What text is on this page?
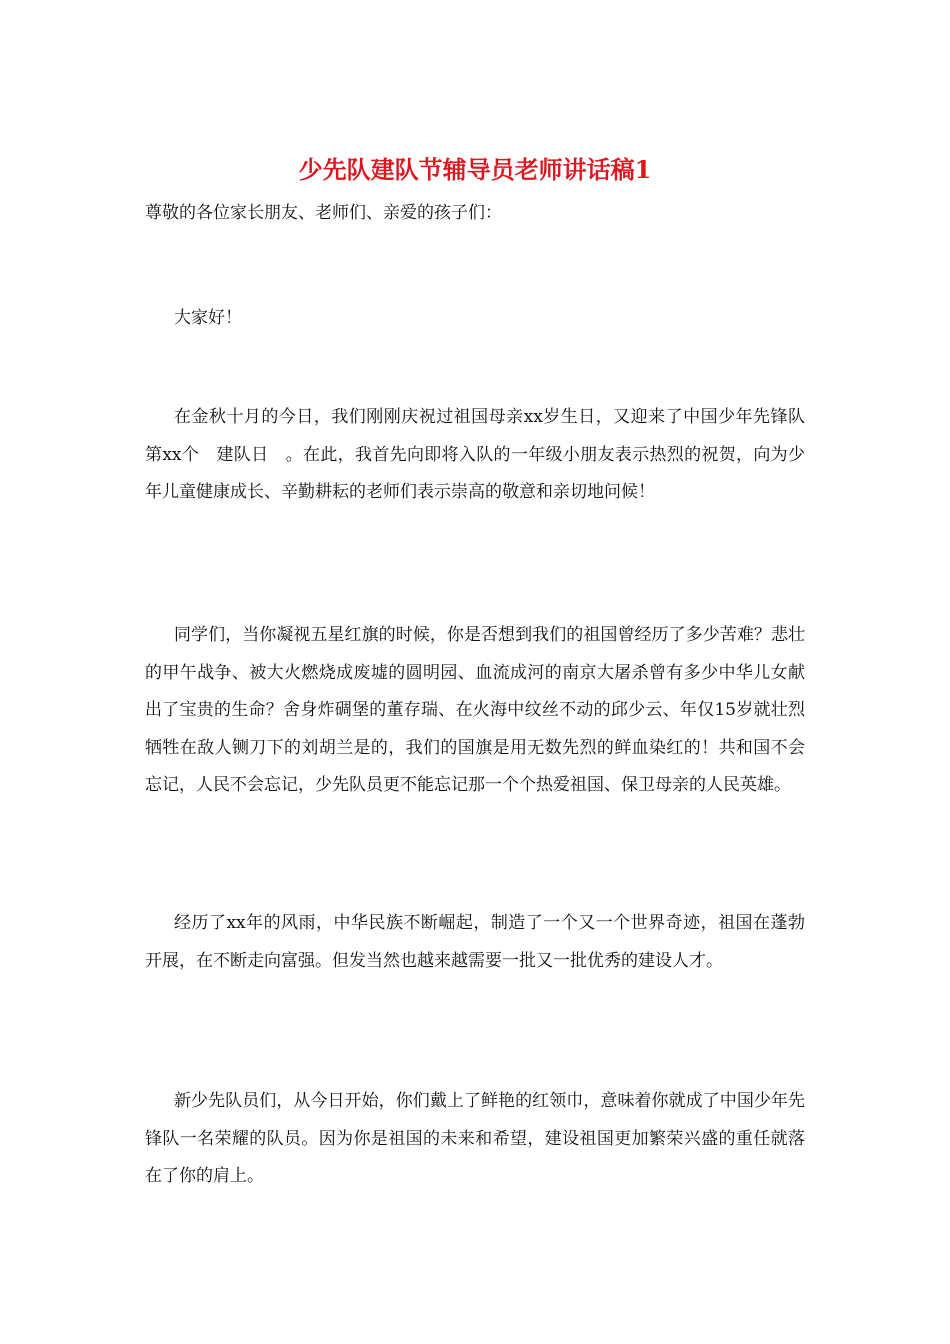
少先队建队节辅导员老师讲话稿1

尊敬的各位家长朋友、老师们、亲爱的孩子们：

大家好！

在金秋十月的今日，我们刚刚庆祝过祖国母亲xx岁生日，又迎来了中国少年先锋队第xx个　建队日　。在此，我首先向即将入队的一年级小朋友表示热烈的祝贺，向为少年儿童健康成长、辛勤耕耘的老师们表示崇高的敬意和亲切地问候！

同学们，当你凝视五星红旗的时候，你是否想到我们的祖国曾经历了多少苦难？悲壮的甲午战争、被大火燃烧成废墟的圆明园、血流成河的南京大屠杀曾有多少中华儿女献出了宝贵的生命？舍身炸碉堡的董存瑞、在火海中纹丝不动的邱少云、年仅15岁就壮烈牺牲在敌人铡刀下的刘胡兰是的，我们的国旗是用无数先烈的鲜血染红的！共和国不会忘记，人民不会忘记，少先队员更不能忘记那一个个热爱祖国、保卫母亲的人民英雄。

经历了xx年的风雨，中华民族不断崛起，制造了一个又一个世界奇迹，祖国在蓬勃开展，在不断走向富强。但发当然也越来越需要一批又一批优秀的建设人才。

新少先队员们，从今日开始，你们戴上了鲜艳的红领巾，意味着你就成了中国少年先锋队一名荣耀的队员。因为你是祖国的未来和希望，建设祖国更加繁荣兴盛的重任就落在了你的肩上。
